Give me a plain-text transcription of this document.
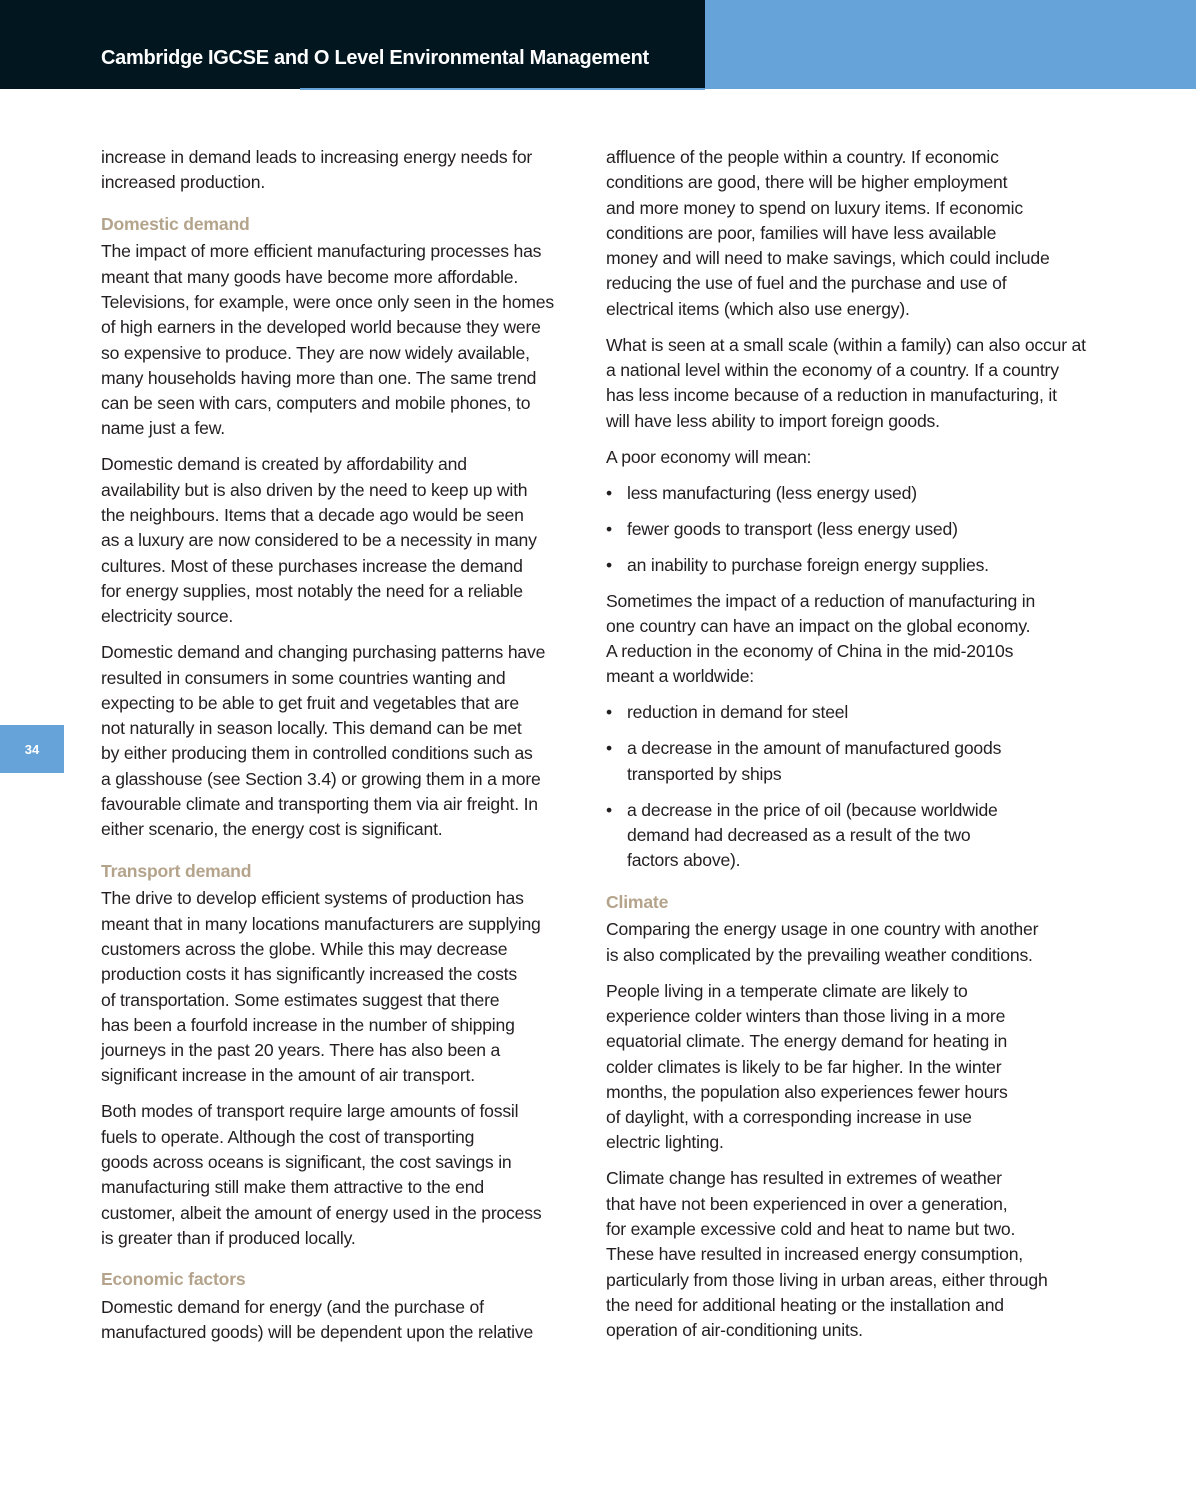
Cambridge IGCSE and O Level Environmental Management
34
increase in demand leads to increasing energy needs for
increased production.
Domestic demand
The impact of more efficient manufacturing processes has
meant that many goods have become more affordable.
Televisions, for example, were once only seen in the homes
of high earners in the developed world because they were
so expensive to produce. They are now widely available,
many households having more than one. The same trend
can be seen with cars, computers and mobile phones, to
name just a few.
Domestic demand is created by affordability and
availability but is also driven by the need to keep up with
the neighbours. Items that a decade ago would be seen
as a luxury are now considered to be a necessity in many
cultures. Most of these purchases increase the demand
for energy supplies, most notably the need for a reliable
electricity source.
Domestic demand and changing purchasing patterns have
resulted in consumers in some countries wanting and
expecting to be able to get fruit and vegetables that are
not naturally in season locally. This demand can be met
by either producing them in controlled conditions such as
a glasshouse (see Section 3.4) or growing them in a more
favourable climate and transporting them via air freight. In
either scenario, the energy cost is significant.
Transport demand
The drive to develop efficient systems of production has
meant that in many locations manufacturers are supplying
customers across the globe. While this may decrease
production costs it has significantly increased the costs
of transportation. Some estimates suggest that there
has been a fourfold increase in the number of shipping
journeys in the past 20 years. There has also been a
significant increase in the amount of air transport.
Both modes of transport require large amounts of fossil
fuels to operate. Although the cost of transporting
goods across oceans is significant, the cost savings in
manufacturing still make them attractive to the end
customer, albeit the amount of energy used in the process
is greater than if produced locally.
Economic factors
Domestic demand for energy (and the purchase of
manufactured goods) will be dependent upon the relative
affluence of the people within a country. If economic
conditions are good, there will be higher employment
and more money to spend on luxury items. If economic
conditions are poor, families will have less available
money and will need to make savings, which could include
reducing the use of fuel and the purchase and use of
electrical items (which also use energy).
What is seen at a small scale (within a family) can also occur at
a national level within the economy of a country. If a country
has less income because of a reduction in manufacturing, it
will have less ability to import foreign goods.
A poor economy will mean:
• less manufacturing (less energy used)
• fewer goods to transport (less energy used)
• an inability to purchase foreign energy supplies.
Sometimes the impact of a reduction of manufacturing in
one country can have an impact on the global economy.
A reduction in the economy of China in the mid-2010s
meant a worldwide:
• reduction in demand for steel
• a decrease in the amount of manufactured goods
transported by ships
• a decrease in the price of oil (because worldwide
demand had decreased as a result of the two
factors above).
Climate
Comparing the energy usage in one country with another
is also complicated by the prevailing weather conditions.
People living in a temperate climate are likely to
experience colder winters than those living in a more
equatorial climate. The energy demand for heating in
colder climates is likely to be far higher. In the winter
months, the population also experiences fewer hours
of daylight, with a corresponding increase in use
electric lighting.
Climate change has resulted in extremes of weather
that have not been experienced in over a generation,
for example excessive cold and heat to name but two.
These have resulted in increased energy consumption,
particularly from those living in urban areas, either through
the need for additional heating or the installation and
operation of air-conditioning units.
